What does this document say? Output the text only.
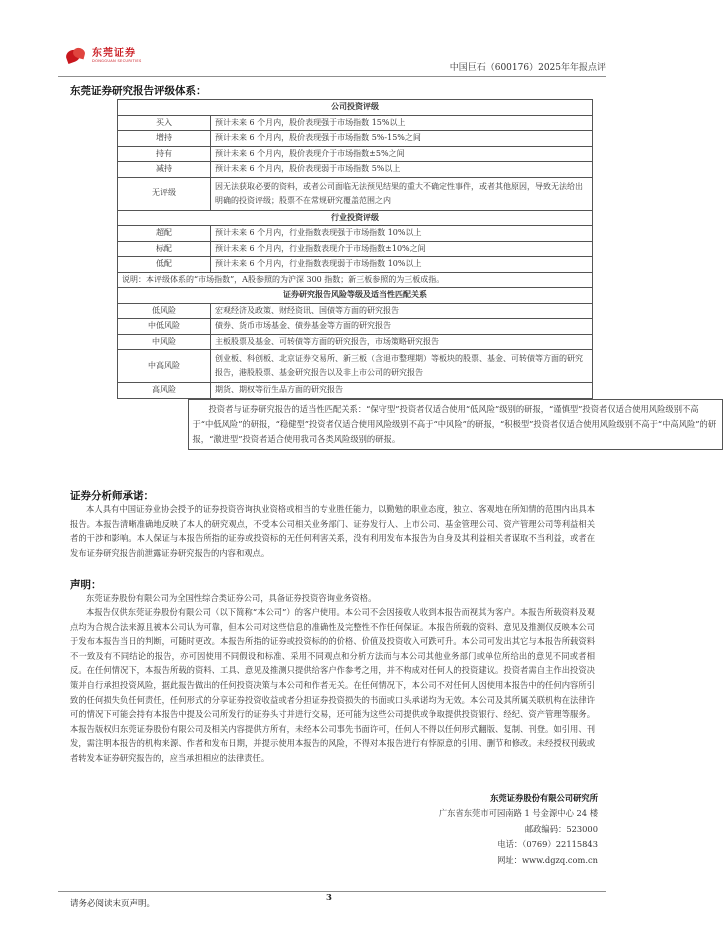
东莞证券
DONGGUAN SECURITIES
中国巨石（600176）2025年年报点评
东莞证券研究报告评级体系：
公司投资评级	
买入	预计未来 6 个月内，股价表现强于市场指数 15%以上
增持	预计未来 6 个月内，股价表现强于市场指数 5%-15%之间
持有	预计未来 6 个月内，股价表现介于市场指数±5%之间
减持	预计未来 6 个月内，股价表现弱于市场指数 5%以上
无评级	因无法获取必要的资料，或者公司面临无法预见结果的重大不确定性事件，或者其他原因，导致无法给出明确的投资评级；股票不在常规研究覆盖范围之内
行业投资评级	
超配	预计未来 6 个月内，行业指数表现强于市场指数 10%以上
标配	预计未来 6 个月内，行业指数表现介于市场指数±10%之间
低配	预计未来 6 个月内，行业指数表现弱于市场指数 10%以上
说明：本评级体系的“市场指数”，A股参照的为沪深 300 指数；新三板参照的为三板成指。	
证券研究报告风险等级及适当性匹配关系	
低风险	宏观经济及政策、财经资讯、国债等方面的研究报告
中低风险	债券、货币市场基金、债券基金等方面的研究报告
中风险	主板股票及基金、可转债等方面的研究报告，市场策略研究报告
中高风险	创业板、科创板、北京证券交易所、新三板（含退市整理期）等板块的股票、基金、可转债等方面的研究报告，港股股票、基金研究报告以及非上市公司的研究报告
高风险	期货、期权等衍生品方面的研究报告

投资者与证券研究报告的适当性匹配关系：“保守型”投资者仅适合使用“低风险”级别的研报，“谨慎型”投资者仅适合使用风险级别不高于“中低风险”的研报，“稳健型”投资者仅适合使用风险级别不高于“中风险”的研报，“积极型”投资者仅适合使用风险级别不高于“中高风险”的研报，“激进型”投资者适合使用我司各类风险级别的研报。
证券分析师承诺：
本人具有中国证券业协会授予的证券投资咨询执业资格或相当的专业胜任能力，以勤勉的职业态度，独立、客观地在所知情的范围内出具本报告。本报告清晰准确地反映了本人的研究观点，不受本公司相关业务部门、证券发行人、上市公司、基金管理公司、资产管理公司等利益相关者的干涉和影响。本人保证与本报告所指的证券或投资标的无任何利害关系，没有利用发布本报告为自身及其利益相关者谋取不当利益，或者在发布证券研究报告前泄露证券研究报告的内容和观点。
声明：
东莞证券股份有限公司为全国性综合类证券公司，具备证券投资咨询业务资格。
本报告仅供东莞证券股份有限公司（以下简称“本公司”）的客户使用。本公司不会因接收人收到本报告而视其为客户。本报告所载资料及观点均为合规合法来源且被本公司认为可靠，但本公司对这些信息的准确性及完整性不作任何保证。本报告所载的资料、意见及推测仅反映本公司于发布本报告当日的判断，可随时更改。本报告所指的证券或投资标的的价格、价值及投资收入可跌可升。本公司可发出其它与本报告所载资料不一致及有不同结论的报告，亦可因使用不同假设和标准、采用不同观点和分析方法而与本公司其他业务部门或单位所给出的意见不同或者相反。在任何情况下，本报告所载的资料、工具、意见及推测只提供给客户作参考之用，并不构成对任何人的投资建议。投资者需自主作出投资决策并自行承担投资风险，据此报告做出的任何投资决策与本公司和作者无关。在任何情况下，本公司不对任何人因使用本报告中的任何内容所引致的任何损失负任何责任，任何形式的分享证券投资收益或者分担证券投资损失的书面或口头承诺均为无效。本公司及其所属关联机构在法律许可的情况下可能会持有本报告中提及公司所发行的证券头寸并进行交易，还可能为这些公司提供或争取提供投资银行、经纪、资产管理等服务。本报告版权归东莞证券股份有限公司及相关内容提供方所有，未经本公司事先书面许可，任何人不得以任何形式翻版、复制、刊登。如引用、刊发，需注明本报告的机构来源、作者和发布日期，并提示使用本报告的风险，不得对本报告进行有悖原意的引用、删节和修改。未经授权刊载或者转发本证券研究报告的，应当承担相应的法律责任。
东莞证券股份有限公司研究所
广东省东莞市可园南路 1 号金源中心 24 楼
邮政编码：523000
电话：（0769）22115843
网址：www.dgzq.com.cn
请务必阅读末页声明。
3
